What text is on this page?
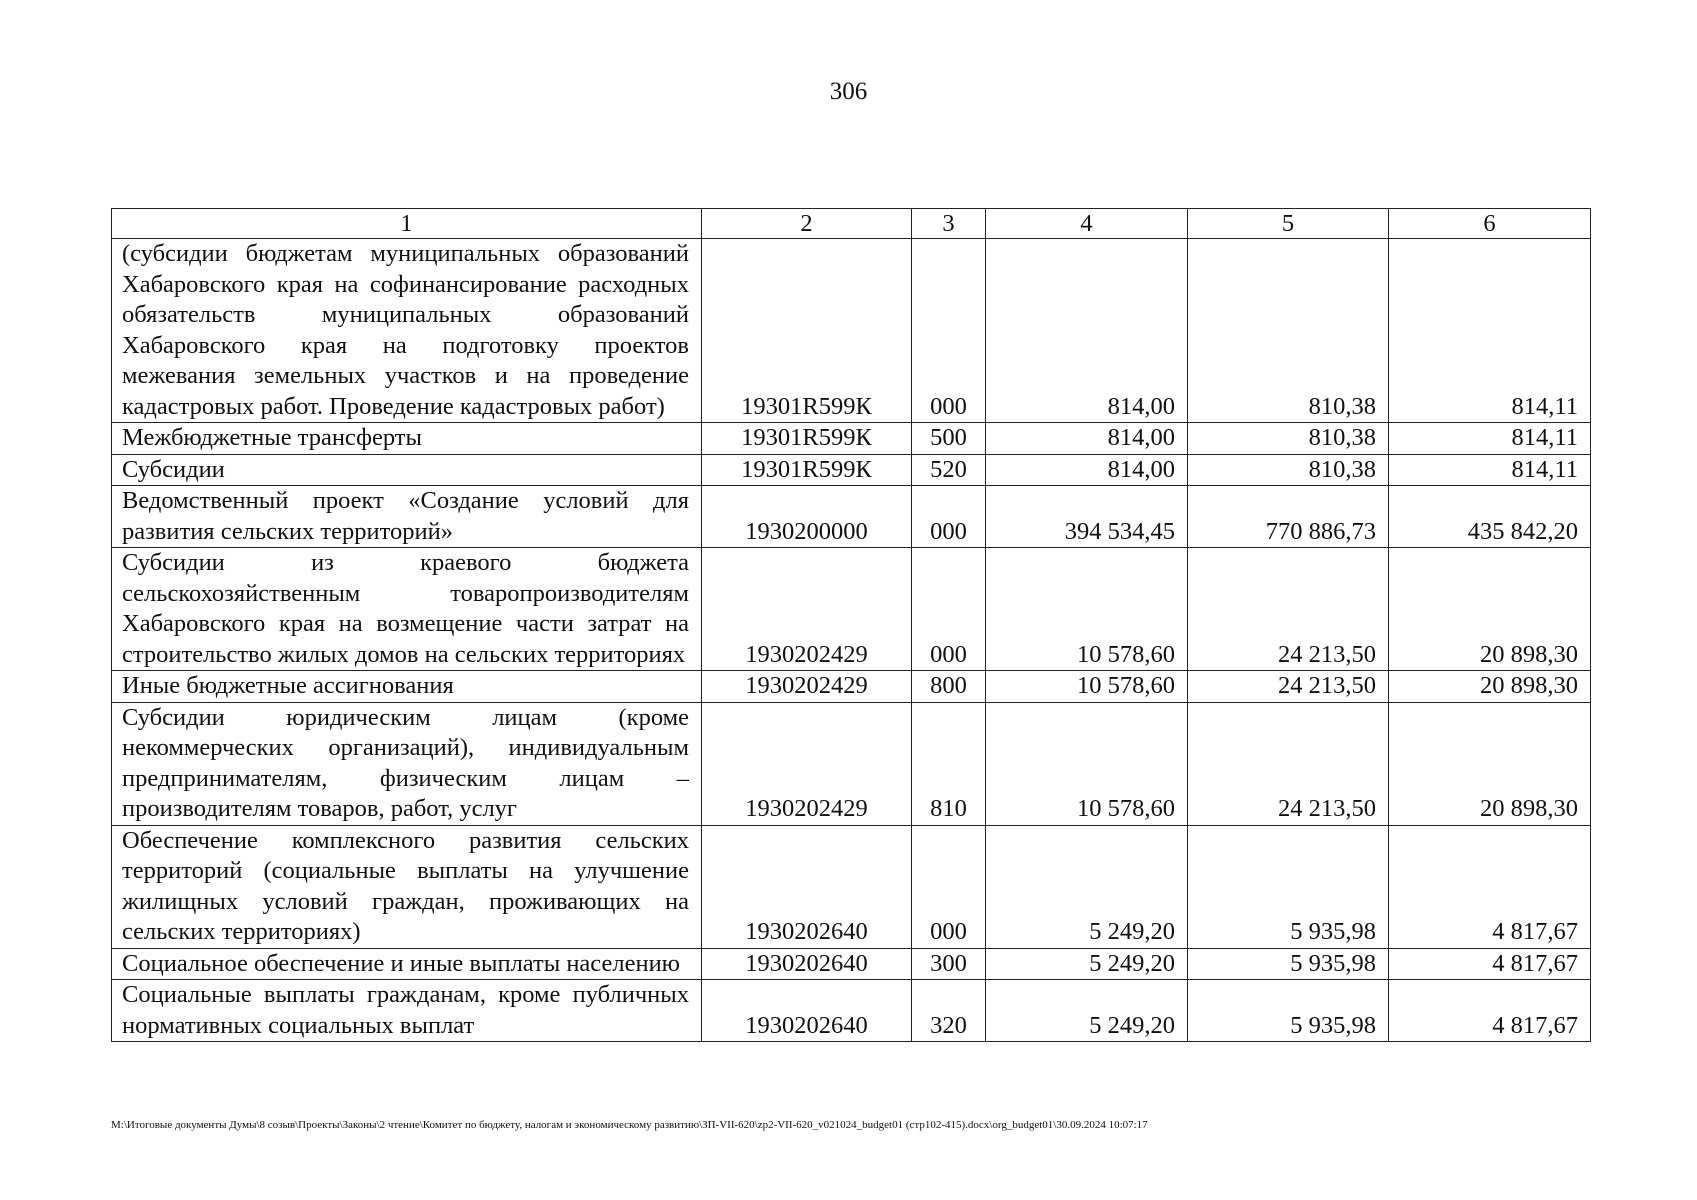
306
1	2	3	4	5	6
(субсидии бюджетам муниципальных образований Хабаровского края на софинансирование расходных обязательств муниципальных образований Хабаровского края на подготовку проектов межевания земельных участков и на проведение кадастровых работ. Проведение кадастровых работ)	19301R599К	000	814,00	810,38	814,11
Межбюджетные трансферты	19301R599К	500	814,00	810,38	814,11
Субсидии	19301R599К	520	814,00	810,38	814,11
Ведомственный проект «Создание условий для развития сельских территорий»	1930200000	000	394 534,45	770 886,73	435 842,20
Субсидии из краевого бюджета сельскохозяйственным товаропроизводителям Хабаровского края на возмещение части затрат на строительство жилых домов на сельских территориях	1930202429	000	10 578,60	24 213,50	20 898,30
Иные бюджетные ассигнования	1930202429	800	10 578,60	24 213,50	20 898,30
Субсидии юридическим лицам (кроме некоммерческих организаций), индивидуальным предпринимателям, физическим лицам – производителям товаров, работ, услуг	1930202429	810	10 578,60	24 213,50	20 898,30
Обеспечение комплексного развития сельских территорий (социальные выплаты на улучшение жилищных условий граждан, проживающих на сельских территориях)	1930202640	000	5 249,20	5 935,98	4 817,67
Социальное обеспечение и иные выплаты населению	1930202640	300	5 249,20	5 935,98	4 817,67
Социальные выплаты гражданам, кроме публичных нормативных социальных выплат	1930202640	320	5 249,20	5 935,98	4 817,67
M:\Итоговые документы Думы\8 созыв\Проекты\Законы\2 чтение\Комитет по бюджету, налогам и экономическому развитию\ЗП-VII-620\zp2-VII-620_v021024_budget01 (стр102-415).docx\org_budget01\30.09.2024 10:07:17
